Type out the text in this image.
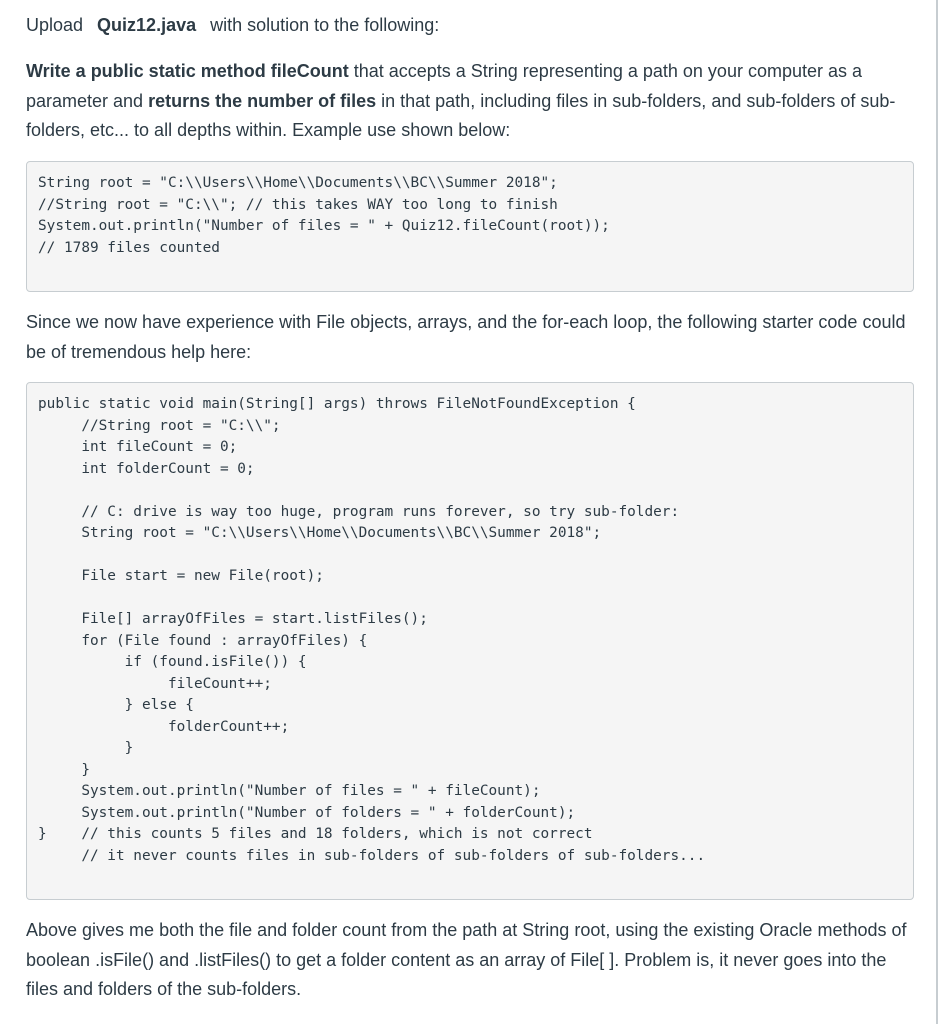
Upload Quiz12.java with solution to the following:

Write a public static method fileCount that accepts a String representing a path on your computer as a parameter and returns the number of files in that path, including files in sub-folders, and sub-folders of sub-folders, etc... to all depths within. Example use shown below:

String root = "C:\\Users\\Home\\Documents\\BC\\Summer 2018";
//String root = "C:\\"; // this takes WAY too long to finish
System.out.println("Number of files = " + Quiz12.fileCount(root));
// 1789 files counted

Since we now have experience with File objects, arrays, and the for-each loop, the following starter code could be of tremendous help here:

public static void main(String[] args) throws FileNotFoundException {
//String root = "C:\\";
int fileCount = 0;
int folderCount = 0;

// C: drive is way too huge, program runs forever, so try sub-folder:
String root = "C:\\Users\\Home\\Documents\\BC\\Summer 2018";

File start = new File(root);

File[] arrayOfFiles = start.listFiles();
for (File found : arrayOfFiles) {
if (found.isFile()) {
fileCount++;
} else {
folderCount++;
}
}
System.out.println("Number of files = " + fileCount);
System.out.println("Number of folders = " + folderCount);
}    // this counts 5 files and 18 folders, which is not correct
// it never counts files in sub-folders of sub-folders of sub-folders...

Above gives me both the file and folder count from the path at String root, using the existing Oracle methods of boolean .isFile() and .listFiles() to get a folder content as an array of File[ ]. Problem is, it never goes into the files and folders of the sub-folders.
